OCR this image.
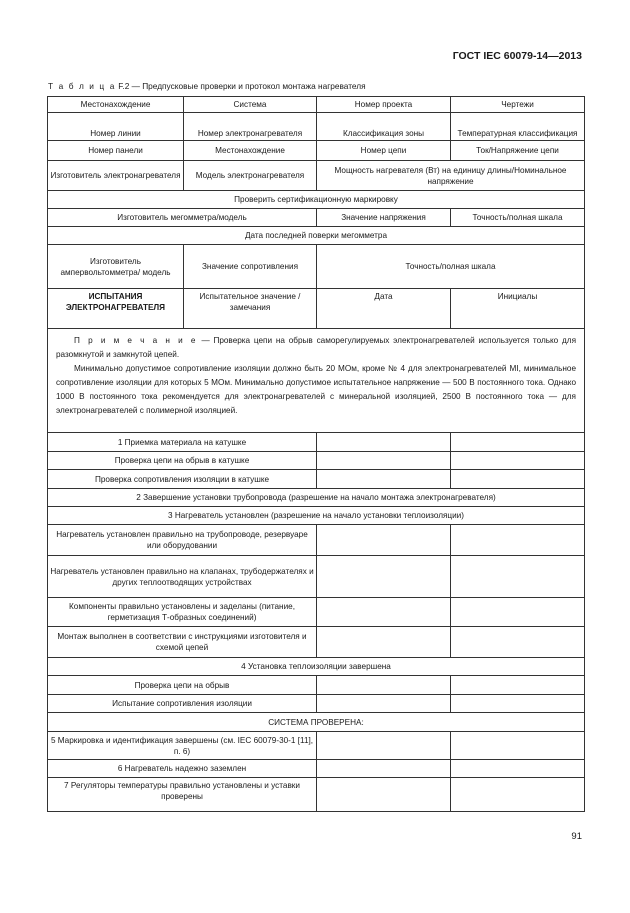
ГОСТ IEC 60079-14—2013
Т а б л и ц а F.2 — Предпусковые проверки и протокол монтажа нагревателя
Местонахождение	Система	Номер проекта	Чертежи
Номер линии	Номер электронагревателя	Классификация зоны	Температурная классификация
Номер панели	Местонахождение	Номер цепи	Ток/Напряжение цепи
Изготовитель электронагревателя	Модель электронагревателя	Мощность нагревателя (Вт) на единицу длины/Номинальное напряжение	
Проверить сертификационную маркировку			
Изготовитель мегомметра/модель		Значение напряжения	Точность/полная шкала
Дата последней поверки мегомметра			
Изготовитель ампервольтомметра/ модель	Значение сопротивления	Точность/полная шкала	
ИСПЫТАНИЯ ЭЛЕКТРОНАГРЕВАТЕЛЯ	Испытательное значение /замечания	Дата	Инициалы

П р и м е ч а н и е — Проверка цепи на обрыв саморегулируемых электронагревателей используется только для разомкнутой и замкнутой цепей.

Минимально допустимое сопротивление изоляции должно быть 20 МОм, кроме № 4 для электронагревателей MI, минимальное сопротивление изоляции для которых 5 МОм. Минимально допустимое испытательное напряжение — 500 В постоянного тока. Однако 1000 В постоянного тока рекомендуется для электронагревателей с минеральной изоляцией, 2500 В постоянного тока — для электронагревателей с полимерной изоляцией.			

1 Приемка материала на катушке			
Проверка цепи на обрыв в катушке			
Проверка сопротивления изоляции в катушке			
2 Завершение установки трубопровода (разрешение на начало монтажа электронагревателя)			
3 Нагреватель установлен (разрешение на начало установки теплоизоляции)			
Нагреватель установлен правильно на трубопроводе, резервуаре или оборудовании			
Нагреватель установлен правильно на клапанах, трубодержателях и других теплоотводящих устройствах			
Компоненты правильно установлены и заделаны (питание, герметизация Т-образных соединений)			
Монтаж выполнен в соответствии с инструкциями изготовителя и схемой цепей			
4 Установка теплоизоляции завершена			
Проверка цепи на обрыв			
Испытание сопротивления изоляции			
СИСТЕМА ПРОВЕРЕНА:			
5 Маркировка и идентификация завершены (см. IEC 60079-30-1 [11], п. 6)			
6 Нагреватель надежно заземлен			
7 Регуляторы температуры правильно установлены и уставки проверены			
91
